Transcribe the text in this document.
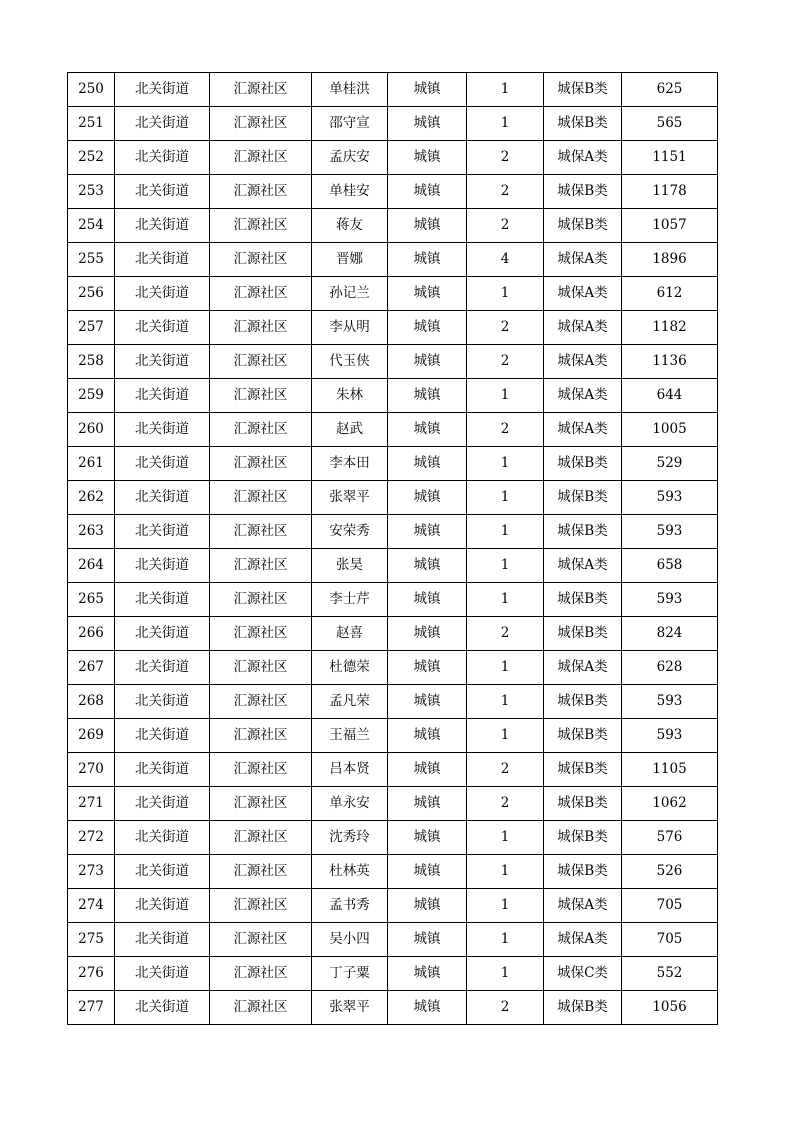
250	北关街道	汇源社区	单桂洪	城镇	1	城保B类	625
251	北关街道	汇源社区	邵守宣	城镇	1	城保B类	565
252	北关街道	汇源社区	孟庆安	城镇	2	城保A类	1151
253	北关街道	汇源社区	单桂安	城镇	2	城保B类	1178
254	北关街道	汇源社区	蒋友	城镇	2	城保B类	1057
255	北关街道	汇源社区	晋娜	城镇	4	城保A类	1896
256	北关街道	汇源社区	孙记兰	城镇	1	城保A类	612
257	北关街道	汇源社区	李从明	城镇	2	城保A类	1182
258	北关街道	汇源社区	代玉侠	城镇	2	城保A类	1136
259	北关街道	汇源社区	朱林	城镇	1	城保A类	644
260	北关街道	汇源社区	赵武	城镇	2	城保A类	1005
261	北关街道	汇源社区	李本田	城镇	1	城保B类	529
262	北关街道	汇源社区	张翠平	城镇	1	城保B类	593
263	北关街道	汇源社区	安荣秀	城镇	1	城保B类	593
264	北关街道	汇源社区	张昊	城镇	1	城保A类	658
265	北关街道	汇源社区	李士芹	城镇	1	城保B类	593
266	北关街道	汇源社区	赵喜	城镇	2	城保B类	824
267	北关街道	汇源社区	杜德荣	城镇	1	城保A类	628
268	北关街道	汇源社区	孟凡荣	城镇	1	城保B类	593
269	北关街道	汇源社区	王福兰	城镇	1	城保B类	593
270	北关街道	汇源社区	吕本贤	城镇	2	城保B类	1105
271	北关街道	汇源社区	单永安	城镇	2	城保B类	1062
272	北关街道	汇源社区	沈秀玲	城镇	1	城保B类	576
273	北关街道	汇源社区	杜林英	城镇	1	城保B类	526
274	北关街道	汇源社区	孟书秀	城镇	1	城保A类	705
275	北关街道	汇源社区	吴小四	城镇	1	城保A类	705
276	北关街道	汇源社区	丁子粟	城镇	1	城保C类	552
277	北关街道	汇源社区	张翠平	城镇	2	城保B类	1056
